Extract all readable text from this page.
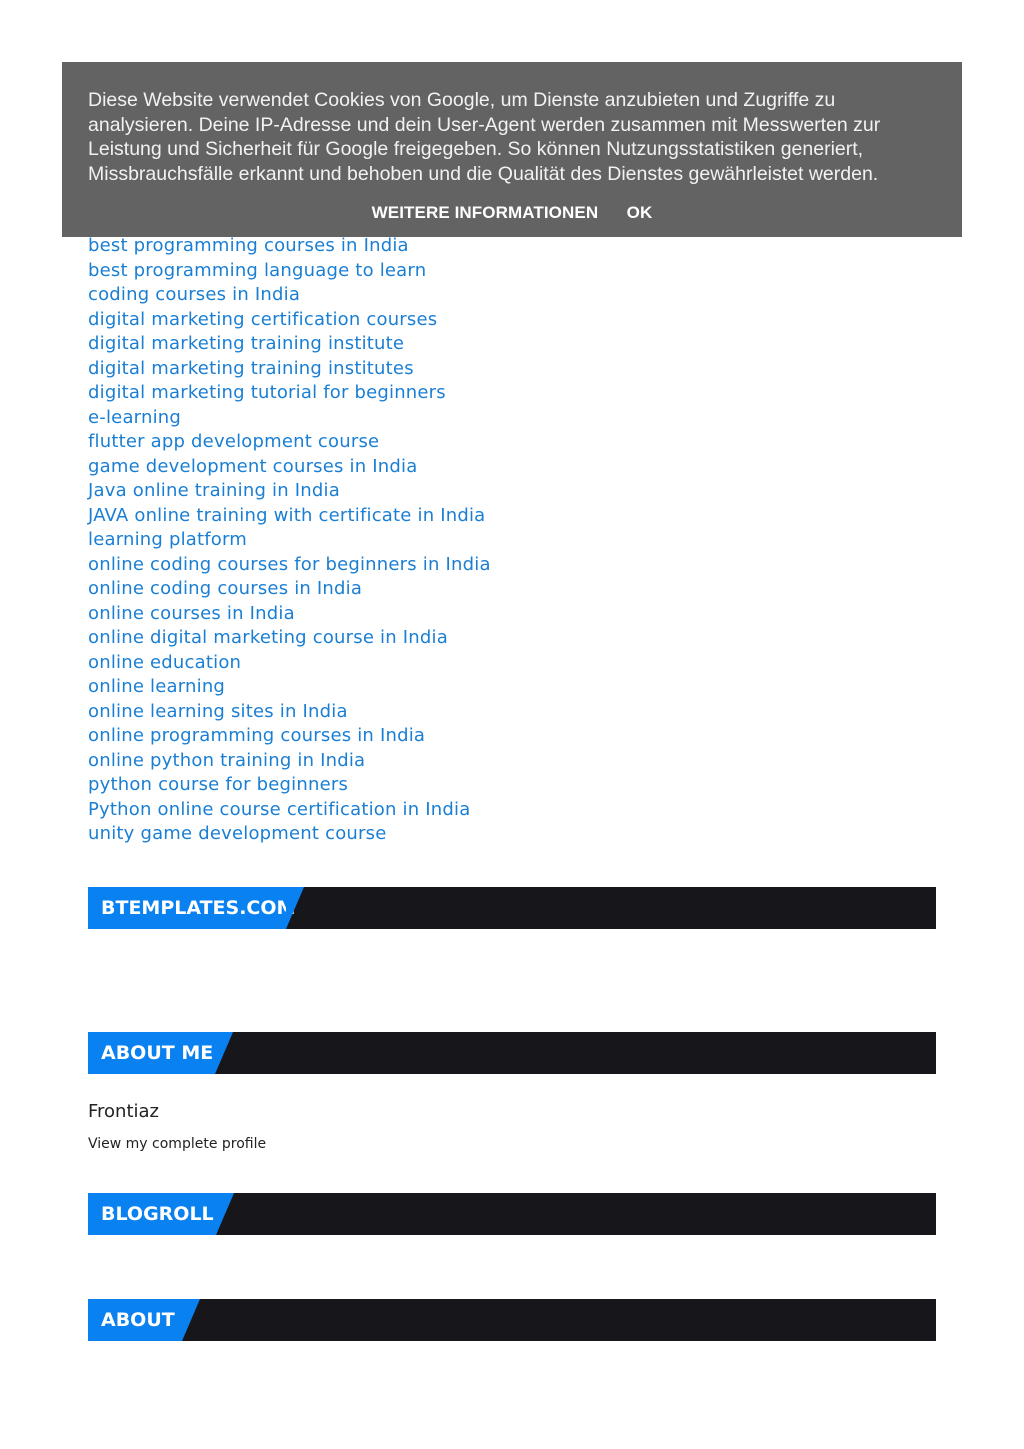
Diese Website verwendet Cookies von Google, um Dienste anzubieten und Zugriffe zu analysieren. Deine IP-Adresse und dein User-Agent werden zusammen mit Messwerten zur Leistung und Sicherheit für Google freigegeben. So können Nutzungsstatistiken generiert, Missbrauchsfälle erkannt und behoben und die Qualität des Dienstes gewährleistet werden.

WEITERE INFORMATIONEN OK
best programming courses in India
best programming language to learn
coding courses in India
digital marketing certification courses
digital marketing training institute
digital marketing training institutes
digital marketing tutorial for beginners
e-learning
flutter app development course
game development courses in India
Java online training in India
JAVA online training with certificate in India
learning platform
online coding courses for beginners in India
online coding courses in India
online courses in India
online digital marketing course in India
online education
online learning
online learning sites in India
online programming courses in India
online python training in India
python course for beginners
Python online course certification in India
unity game development course
BTEMPLATES.COM
ABOUT ME
Frontiaz
View my complete profile
BLOGROLL
ABOUT
